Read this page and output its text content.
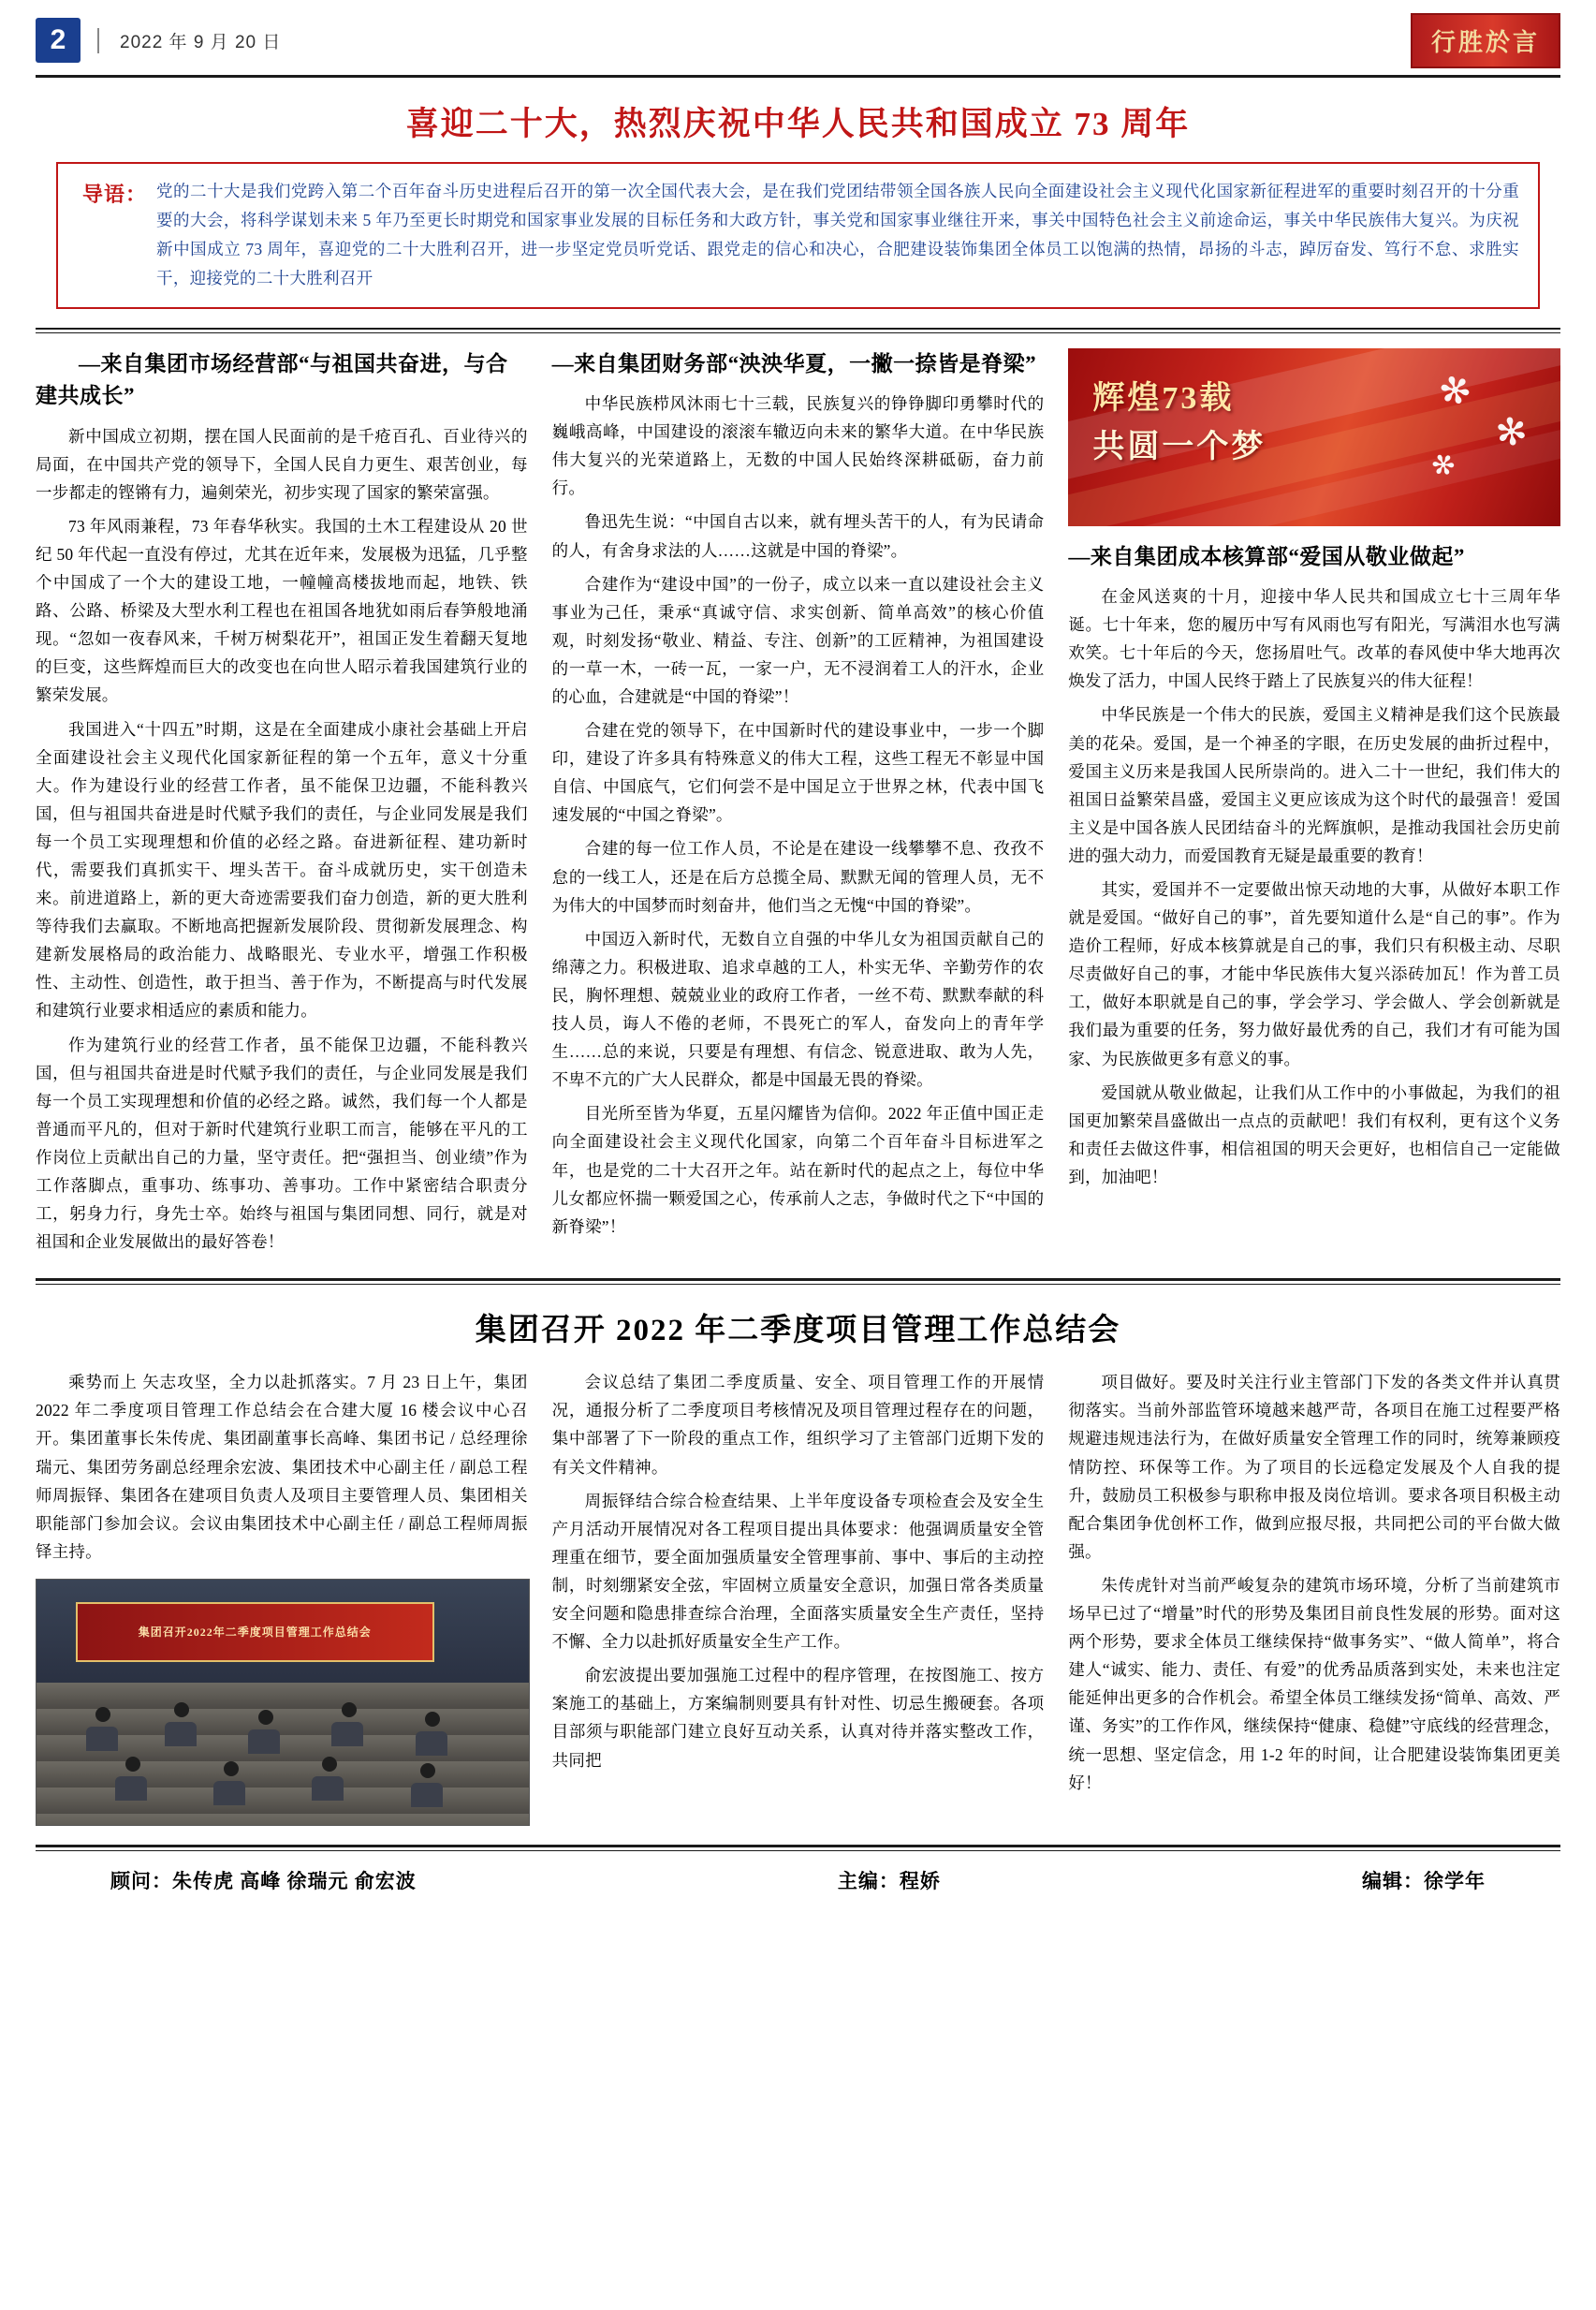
2	2022 年 9 月 20 日	行胜於言
喜迎二十大，热烈庆祝中华人民共和国成立 73 周年
导语： 党的二十大是我们党跨入第二个百年奋斗历史进程后召开的第一次全国代表大会，是在我们党团结带领全国各族人民向全面建设社会主义现代化国家新征程进军的重要时刻召开的十分重要的大会，将科学谋划未来 5 年乃至更长时期党和国家事业发展的目标任务和大政方针，事关党和国家事业继往开来，事关中国特色社会主义前途命运，事关中华民族伟大复兴。为庆祝新中国成立 73 周年，喜迎党的二十大胜利召开，进一步坚定党员听党话、跟党走的信心和决心，合肥建设装饰集团全体员工以饱满的热情，昂扬的斗志，踔厉奋发、笃行不怠、求胜实干，迎接党的二十大胜利召开
—来自集团市场经营部“与祖国共奋进，与合建共成长”

新中国成立初期，摆在国人民面前的是千疮百孔、百业待兴的局面，在中国共产党的领导下，全国人民自力更生、艰苦创业，每一步都走的铿锵有力，遍剣荣光，初步实现了国家的繁荣富强。

73 年风雨兼程，73 年春华秋实。我国的土木工程建设从 20 世纪 50 年代起一直没有停过，尤其在近年来，发展极为迅猛，几乎整个中国成了一个大的建设工地，一幢幢高楼拔地而起，地铁、铁路、公路、桥梁及大型水利工程也在祖国各地犹如雨后春笋般地涌现。“忽如一夜春风来，千树万树梨花开”，祖国正发生着翻天复地的巨变，这些辉煌而巨大的改变也在向世人昭示着我国建筑行业的繁荣发展。

我国进入“十四五”时期，这是在全面建成小康社会基础上开启全面建设社会主义现代化国家新征程的第一个五年，意义十分重大。作为建设行业的经营工作者，虽不能保卫边疆，不能科教兴国，但与祖国共奋进是时代赋予我们的责任，与企业同发展是我们每一个员工实现理想和价值的必经之路。奋进新征程、建功新时代，需要我们真抓实干、埋头苦干。奋斗成就历史，实干创造未来。前进道路上，新的更大奇迹需要我们奋力创造，新的更大胜利等待我们去赢取。不断地高把握新发展阶段、贯彻新发展理念、构建新发展格局的政治能力、战略眼光、专业水平，增强工作积极性、主动性、创造性，敢于担当、善于作为，不断提高与时代发展和建筑行业要求相适应的素质和能力。

作为建筑行业的经营工作者，虽不能保卫边疆，不能科教兴国，但与祖国共奋进是时代赋予我们的责任，与企业同发展是我们每一个员工实现理想和价值的必经之路。诚然，我们每一个人都是普通而平凡的，但对于新时代建筑行业职工而言，能够在平凡的工作岗位上贡献出自己的力量，坚守责任。把“强担当、创业绩”作为工作落脚点，重事功、练事功、善事功。工作中紧密结合职责分工，躬身力行，身先士卒。始终与祖国与集团同想、同行，就是对祖国和企业发展做出的最好答卷！

—来自集团财务部“泱泱华夏，一撇一捺皆是脊梁”

中华民族栉风沐雨七十三载，民族复兴的铮铮脚印勇攀时代的巍峨高峰，中国建设的滚滚车辙迈向未来的繁华大道。在中华民族伟大复兴的光荣道路上，无数的中国人民始终深耕砥砺，奋力前行。

鲁迅先生说：“中国自古以来，就有埋头苦干的人，有为民请命的人，有舍身求法的人……这就是中国的脊梁”。

合建作为“建设中国”的一份子，成立以来一直以建设社会主义事业为己任，秉承“真诚守信、求实创新、简单高效”的核心价值观，时刻发扬“敬业、精益、专注、创新”的工匠精神，为祖国建设的一草一木，一砖一瓦，一家一户，无不浸润着工人的汗水，企业的心血，合建就是“中国的脊梁”！

合建在党的领导下，在中国新时代的建设事业中，一步一个脚印，建设了许多具有特殊意义的伟大工程，这些工程无不彰显中国自信、中国底气，它们何尝不是中国足立于世界之林，代表中国飞速发展的“中国之脊梁”。

合建的每一位工作人员，不论是在建设一线攀攀不息、孜孜不怠的一线工人，还是在后方总揽全局、默默无闻的管理人员，无不为伟大的中国梦而时刻奋井，他们当之无愧“中国的脊梁”。

中国迈入新时代，无数自立自强的中华儿女为祖国贡献自己的绵薄之力。积极进取、追求卓越的工人，朴实无华、辛勤劳作的农民，胸怀理想、兢兢业业的政府工作者，一丝不苟、默默奉献的科技人员，诲人不倦的老师，不畏死亡的军人，奋发向上的青年学生……总的来说，只要是有理想、有信念、锐意进取、敢为人先，不卑不亢的广大人民群众，都是中国最无畏的脊梁。

目光所至皆为华夏，五星闪耀皆为信仰。2022 年正值中国正走向全面建设社会主义现代化国家，向第二个百年奋斗目标进军之年，也是党的二十大召开之年。站在新时代的起点之上，每位中华儿女都应怀揣一颗爱国之心，传承前人之志，争做时代之下“中国的新脊梁”！

✻
✻
✻
辉煌73载
共圆一个梦
—来自集团成本核算部“爱国从敬业做起”

在金风送爽的十月，迎接中华人民共和国成立七十三周年华诞。七十年来，您的履历中写有风雨也写有阳光，写满泪水也写满欢笑。七十年后的今天，您扬眉吐气。改革的春风使中华大地再次焕发了活力，中国人民终于踏上了民族复兴的伟大征程！

中华民族是一个伟大的民族，爱国主义精神是我们这个民族最美的花朵。爱国，是一个神圣的字眼，在历史发展的曲折过程中，爱国主义历来是我国人民所崇尚的。进入二十一世纪，我们伟大的祖国日益繁荣昌盛，爱国主义更应该成为这个时代的最强音！爱国主义是中国各族人民团结奋斗的光辉旗帜，是推动我国社会历史前进的强大动力，而爱国教育无疑是最重要的教育！

其实，爱国并不一定要做出惊天动地的大事，从做好本职工作就是爱国。“做好自己的事”，首先要知道什么是“自己的事”。作为造价工程师，好成本核算就是自己的事，我们只有积极主动、尽职尽责做好自己的事，才能中华民族伟大复兴添砖加瓦！作为普工员工，做好本职就是自己的事，学会学习、学会做人、学会创新就是我们最为重要的任务，努力做好最优秀的自己，我们才有可能为国家、为民族做更多有意义的事。

爱国就从敬业做起，让我们从工作中的小事做起，为我们的祖国更加繁荣昌盛做出一点点的贡献吧！我们有权利，更有这个义务和责任去做这件事，相信祖国的明天会更好，也相信自己一定能做到，加油吧！

集团召开 2022 年二季度项目管理工作总结会

乘势而上 矢志攻坚，全力以赴抓落实。7 月 23 日上午，集团 2022 年二季度项目管理工作总结会在合建大厦 16 楼会议中心召开。集团董事长朱传虎、集团副董事长高峰、集团书记 / 总经理徐瑞元、集团劳务副总经理余宏波、集团技术中心副主任 / 副总工程师周振铎、集团各在建项目负责人及项目主要管理人员、集团相关职能部门参加会议。会议由集团技术中心副主任 / 副总工程师周振铎主持。

集团召开2022年二季度项目管理工作总结会

会议总结了集团二季度质量、安全、项目管理工作的开展情况，通报分析了二季度项目考核情况及项目管理过程存在的问题，集中部署了下一阶段的重点工作，组织学习了主管部门近期下发的有关文件精神。

周振铎结合综合检查结果、上半年度设备专项检查会及安全生产月活动开展情况对各工程项目提出具体要求：他强调质量安全管理重在细节，要全面加强质量安全管理事前、事中、事后的主动控制，时刻绷紧安全弦，牢固树立质量安全意识，加强日常各类质量安全问题和隐患排查综合治理，全面落实质量安全生产责任，坚持不懈、全力以赴抓好质量安全生产工作。

俞宏波提出要加强施工过程中的程序管理，在按图施工、按方案施工的基础上，方案编制则要具有针对性、切忌生搬硬套。各项目部须与职能部门建立良好互动关系，认真对待并落实整改工作，共同把

项目做好。要及时关注行业主管部门下发的各类文件并认真贯彻落实。当前外部监管环境越来越严苛，各项目在施工过程要严格规避违规违法行为，在做好质量安全管理工作的同时，统筹兼顾疫情防控、环保等工作。为了项目的长远稳定发展及个人自我的提升，鼓励员工积极参与职称申报及岗位培训。要求各项目积极主动配合集团争优创杯工作，做到应报尽报，共同把公司的平台做大做强。

朱传虎针对当前严峻复杂的建筑市场环境，分析了当前建筑市场早已过了“增量”时代的形势及集团目前良性发展的形势。面对这两个形势，要求全体员工继续保持“做事务实”、“做人简单”，将合建人“诚实、能力、责任、有爱”的优秀品质落到实处，未来也注定能延伸出更多的合作机会。希望全体员工继续发扬“简单、高效、严谨、务实”的工作作风，继续保持“健康、稳健”守底线的经营理念，统一思想、坚定信念，用 1-2 年的时间，让合肥建设装饰集团更美好！

顾问：朱传虎 高峰 徐瑞元 俞宏波	主编：程娇	编辑：徐学年
